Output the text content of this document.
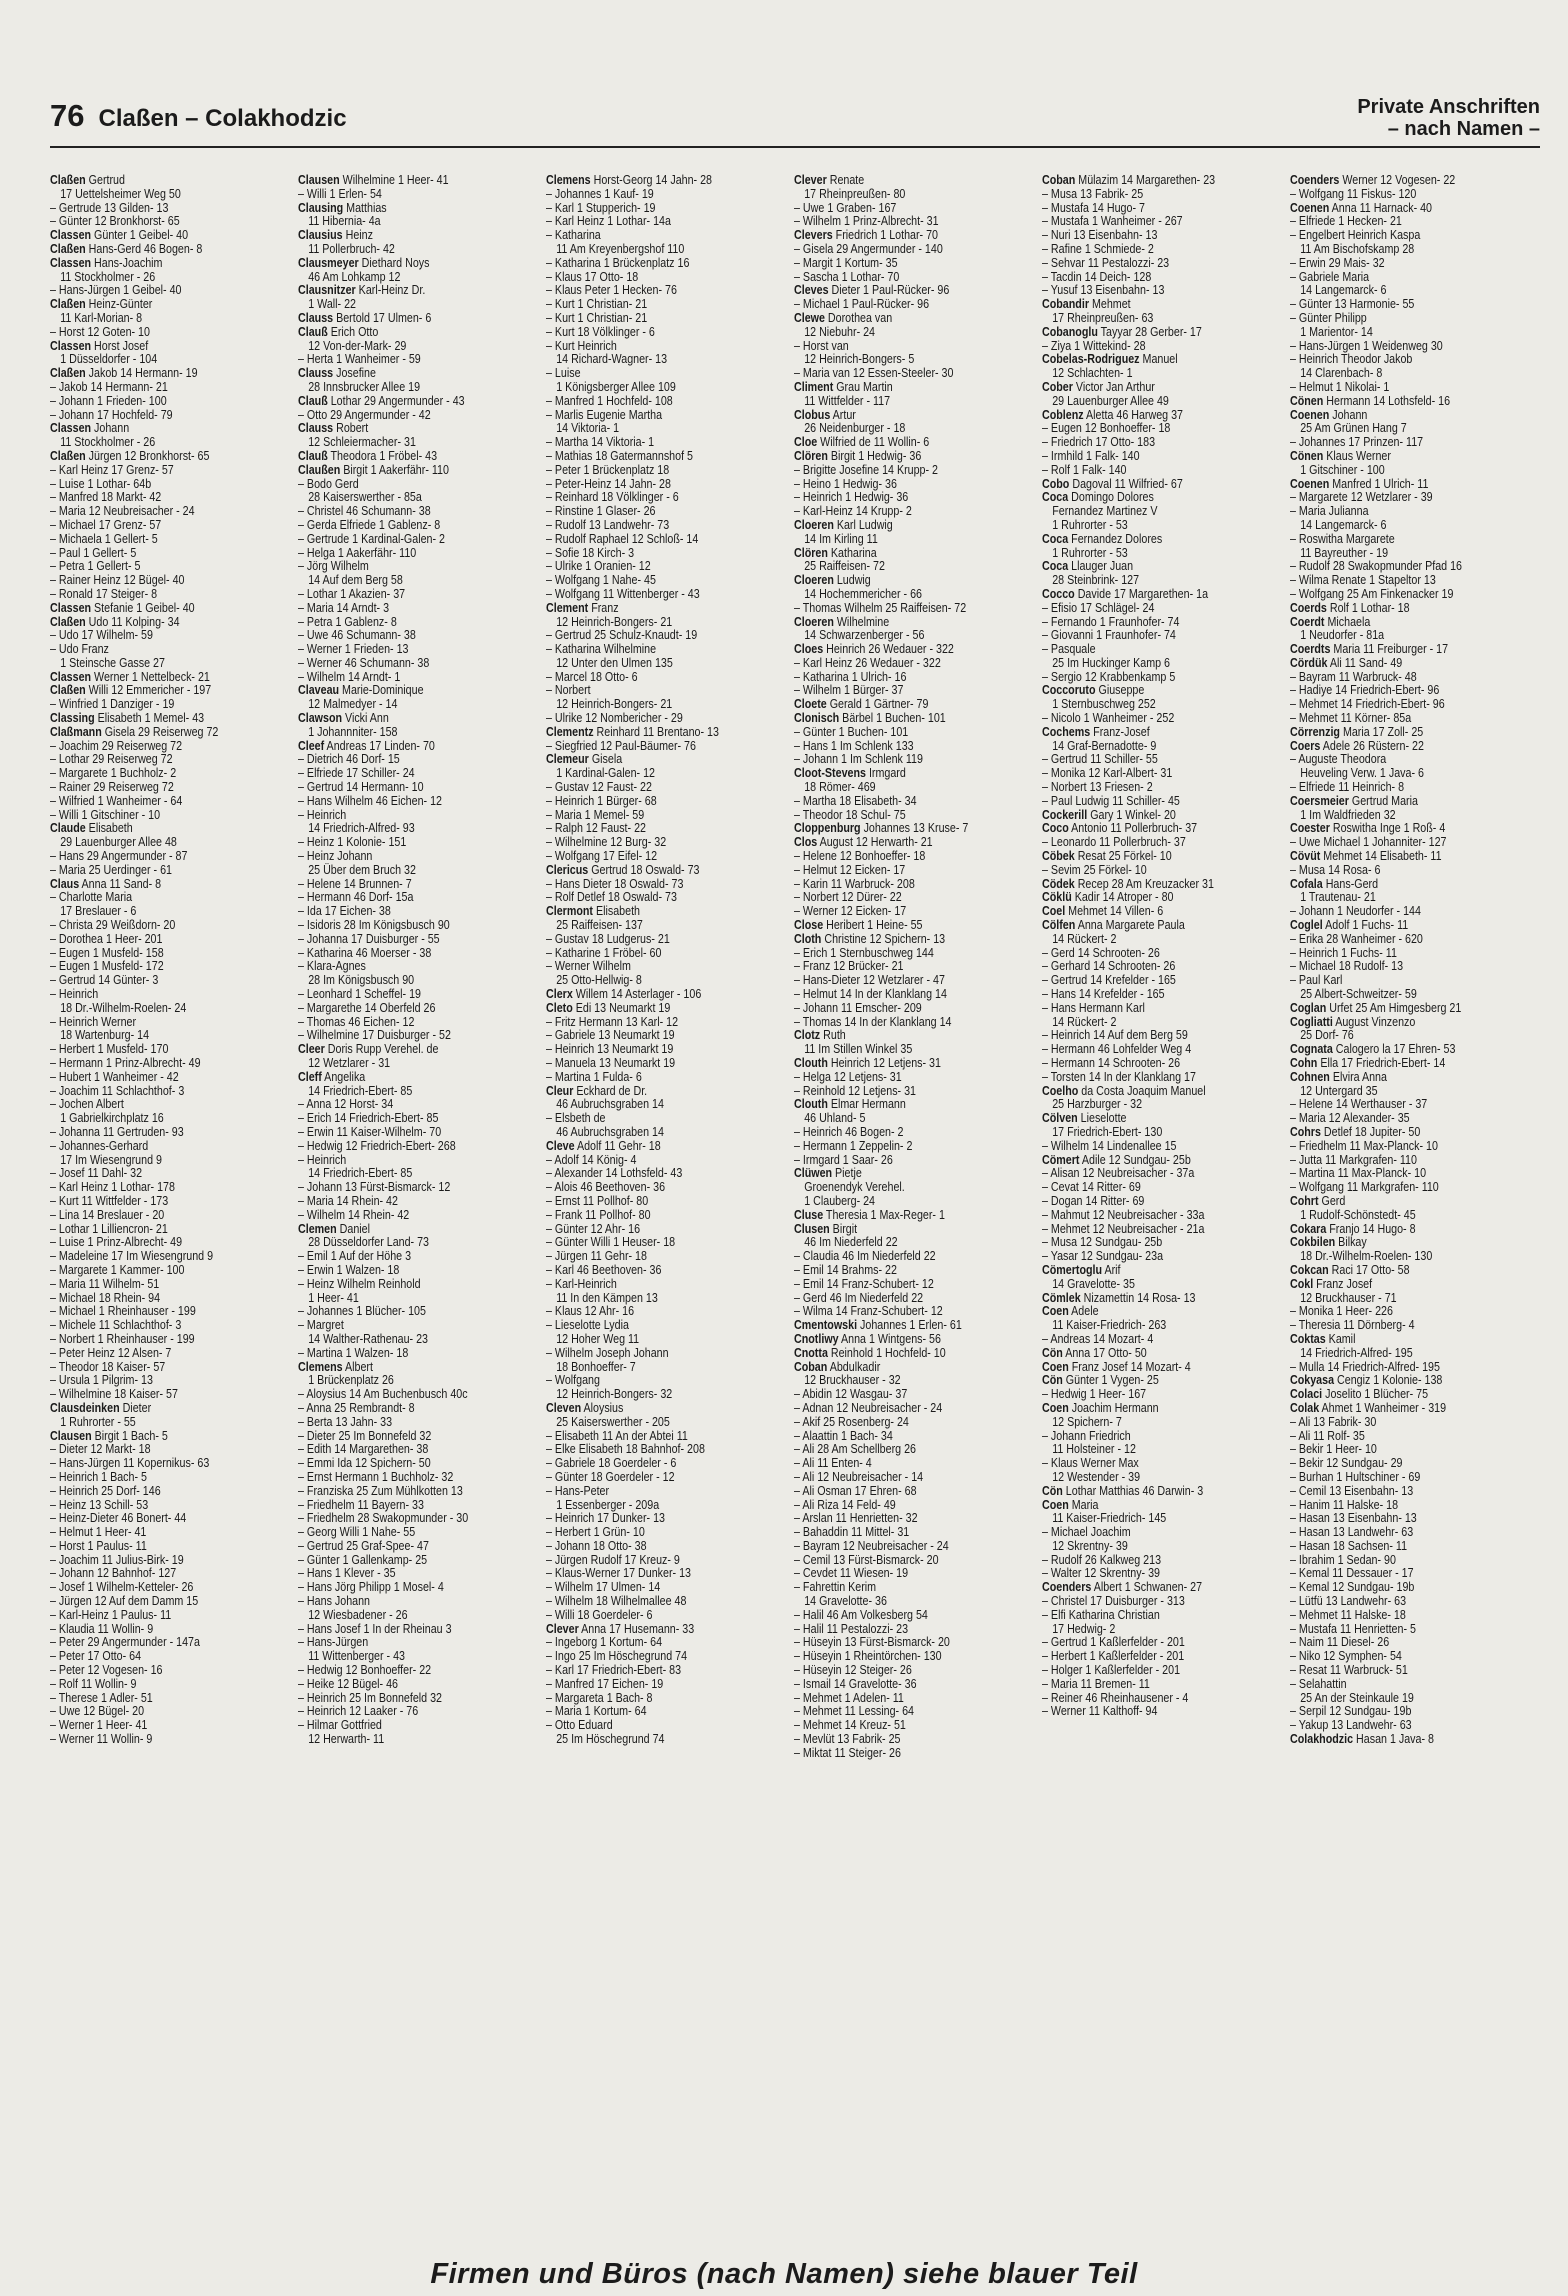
76 Claßen – Colakhodzic	Private Anschriften
– nach Namen –
Claßen Gertrud
17 Uettelsheimer Weg 50
– Gertrude 13 Gilden- 13
– Günter 12 Bronkhorst- 65
Classen Günter 1 Geibel- 40
Claßen Hans-Gerd 46 Bogen- 8
Classen Hans-Joachim
11 Stockholmer - 26
– Hans-Jürgen 1 Geibel- 40
Claßen Heinz-Günter
11 Karl-Morian- 8
– Horst 12 Goten- 10
Classen Horst Josef
1 Düsseldorfer - 104
Claßen Jakob 14 Hermann- 19
– Jakob 14 Hermann- 21
– Johann 1 Frieden- 100
– Johann 17 Hochfeld- 79
Classen Johann
11 Stockholmer - 26
Claßen Jürgen 12 Bronkhorst- 65
– Karl Heinz 17 Grenz- 57
– Luise 1 Lothar- 64b
– Manfred 18 Markt- 42
– Maria 12 Neubreisacher - 24
– Michael 17 Grenz- 57
– Michaela 1 Gellert- 5
– Paul 1 Gellert- 5
– Petra 1 Gellert- 5
– Rainer Heinz 12 Bügel- 40
– Ronald 17 Steiger- 8
Classen Stefanie 1 Geibel- 40
Claßen Udo 11 Kolping- 34
– Udo 17 Wilhelm- 59
– Udo Franz
1 Steinsche Gasse 27
Classen Werner 1 Nettelbeck- 21
Claßen Willi 12 Emmericher - 197
– Winfried 1 Danziger - 19
Classing Elisabeth 1 Memel- 43
Claßmann Gisela 29 Reiserweg 72
– Joachim 29 Reiserweg 72
– Lothar 29 Reiserweg 72
– Margarete 1 Buchholz- 2
– Rainer 29 Reiserweg 72
– Wilfried 1 Wanheimer - 64
– Willi 1 Gitschiner - 10
Claude Elisabeth
29 Lauenburger Allee 48
– Hans 29 Angermunder - 87
– Maria 25 Uerdinger - 61
Claus Anna 11 Sand- 8
– Charlotte Maria
17 Breslauer - 6
– Christa 29 Weißdorn- 20
– Dorothea 1 Heer- 201
– Eugen 1 Musfeld- 158
– Eugen 1 Musfeld- 172
– Gertrud 14 Günter- 3
– Heinrich
18 Dr.-Wilhelm-Roelen- 24
– Heinrich Werner
18 Wartenburg- 14
– Herbert 1 Musfeld- 170
– Hermann 1 Prinz-Albrecht- 49
– Hubert 1 Wanheimer - 42
– Joachim 11 Schlachthof- 3
– Jochen Albert
1 Gabrielkirchplatz 16
– Johanna 11 Gertruden- 93
– Johannes-Gerhard
17 Im Wiesengrund 9
– Josef 11 Dahl- 32
– Karl Heinz 1 Lothar- 178
– Kurt 11 Wittfelder - 173
– Lina 14 Breslauer - 20
– Lothar 1 Lilliencron- 21
– Luise 1 Prinz-Albrecht- 49
– Madeleine 17 Im Wiesengrund 9
– Margarete 1 Kammer- 100
– Maria 11 Wilhelm- 51
– Michael 18 Rhein- 94
– Michael 1 Rheinhauser - 199
– Michele 11 Schlachthof- 3
– Norbert 1 Rheinhauser - 199
– Peter Heinz 12 Alsen- 7
– Theodor 18 Kaiser- 57
– Ursula 1 Pilgrim- 13
– Wilhelmine 18 Kaiser- 57
Clausdeinken Dieter
1 Ruhrorter - 55
Clausen Birgit 1 Bach- 5
– Dieter 12 Markt- 18
– Hans-Jürgen 11 Kopernikus- 63
– Heinrich 1 Bach- 5
– Heinrich 25 Dorf- 146
– Heinz 13 Schill- 53
– Heinz-Dieter 46 Bonert- 44
– Helmut 1 Heer- 41
– Horst 1 Paulus- 11
– Joachim 11 Julius-Birk- 19
– Johann 12 Bahnhof- 127
– Josef 1 Wilhelm-Ketteler- 26
– Jürgen 12 Auf dem Damm 15
– Karl-Heinz 1 Paulus- 11
– Klaudia 11 Wollin- 9
– Peter 29 Angermunder - 147a
– Peter 17 Otto- 64
– Peter 12 Vogesen- 16
– Rolf 11 Wollin- 9
– Therese 1 Adler- 51
– Uwe 12 Bügel- 20
– Werner 1 Heer- 41
– Werner 11 Wollin- 9
Clausen Wilhelmine 1 Heer- 41
– Willi 1 Erlen- 54
Clausing Matthias
11 Hibernia- 4a
Clausius Heinz
11 Pollerbruch- 42
Clausmeyer Diethard Noys
46 Am Lohkamp 12
Clausnitzer Karl-Heinz Dr.
1 Wall- 22
Clauss Bertold 17 Ulmen- 6
Clauß Erich Otto
12 Von-der-Mark- 29
– Herta 1 Wanheimer - 59
Clauss Josefine
28 Innsbrucker Allee 19
Clauß Lothar 29 Angermunder - 43
– Otto 29 Angermunder - 42
Clauss Robert
12 Schleiermacher- 31
Clauß Theodora 1 Fröbel- 43
Claußen Birgit 1 Aakerfähr- 110
– Bodo Gerd
28 Kaiserswerther - 85a
– Christel 46 Schumann- 38
– Gerda Elfriede 1 Gablenz- 8
– Gertrude 1 Kardinal-Galen- 2
– Helga 1 Aakerfähr- 110
– Jörg Wilhelm
14 Auf dem Berg 58
– Lothar 1 Akazien- 37
– Maria 14 Arndt- 3
– Petra 1 Gablenz- 8
– Uwe 46 Schumann- 38
– Werner 1 Frieden- 13
– Werner 46 Schumann- 38
– Wilhelm 14 Arndt- 1
Claveau Marie-Dominique
12 Malmedyer - 14
Clawson Vicki Ann
1 Johannniter- 158
Cleef Andreas 17 Linden- 70
– Dietrich 46 Dorf- 15
– Elfriede 17 Schiller- 24
– Gertrud 14 Hermann- 10
– Hans Wilhelm 46 Eichen- 12
– Heinrich
14 Friedrich-Alfred- 93
– Heinz 1 Kolonie- 151
– Heinz Johann
25 Über dem Bruch 32
– Helene 14 Brunnen- 7
– Hermann 46 Dorf- 15a
– Ida 17 Eichen- 38
– Isidoris 28 Im Königsbusch 90
– Johanna 17 Duisburger - 55
– Katharina 46 Moerser - 38
– Klara-Agnes
28 Im Königsbusch 90
– Leonhard 1 Scheffel- 19
– Margarethe 14 Oberfeld 26
– Thomas 46 Eichen- 12
– Wilhelmine 17 Duisburger - 52
Cleer Doris Rupp Verehel. de
12 Wetzlarer - 31
Cleff Angelika
14 Friedrich-Ebert- 85
– Anna 12 Horst- 34
– Erich 14 Friedrich-Ebert- 85
– Erwin 11 Kaiser-Wilhelm- 70
– Hedwig 12 Friedrich-Ebert- 268
– Heinrich
14 Friedrich-Ebert- 85
– Johann 13 Fürst-Bismarck- 12
– Maria 14 Rhein- 42
– Wilhelm 14 Rhein- 42
Clemen Daniel
28 Düsseldorfer Land- 73
– Emil 1 Auf der Höhe 3
– Erwin 1 Walzen- 18
– Heinz Wilhelm Reinhold
1 Heer- 41
– Johannes 1 Blücher- 105
– Margret
14 Walther-Rathenau- 23
– Martina 1 Walzen- 18
Clemens Albert
1 Brückenplatz 26
– Aloysius 14 Am Buchenbusch 40c
– Anna 25 Rembrandt- 8
– Berta 13 Jahn- 33
– Dieter 25 Im Bonnefeld 32
– Edith 14 Margarethen- 38
– Emmi Ida 12 Spichern- 50
– Ernst Hermann 1 Buchholz- 32
– Franziska 25 Zum Mühlkotten 13
– Friedhelm 11 Bayern- 33
– Friedhelm 28 Swakopmunder - 30
– Georg Willi 1 Nahe- 55
– Gertrud 25 Graf-Spee- 47
– Günter 1 Gallenkamp- 25
– Hans 1 Klever - 35
– Hans Jörg Philipp 1 Mosel- 4
– Hans Johann
12 Wiesbadener - 26
– Hans Josef 1 In der Rheinau 3
– Hans-Jürgen
11 Wittenberger - 43
– Hedwig 12 Bonhoeffer- 22
– Heike 12 Bügel- 46
– Heinrich 25 Im Bonnefeld 32
– Heinrich 12 Laaker - 76
– Hilmar Gottfried
12 Herwarth- 11
Clemens Horst-Georg 14 Jahn- 28
– Johannes 1 Kauf- 19
– Karl 1 Stupperich- 19
– Karl Heinz 1 Lothar- 14a
– Katharina
11 Am Kreyenbergshof 110
– Katharina 1 Brückenplatz 16
– Klaus 17 Otto- 18
– Klaus Peter 1 Hecken- 76
– Kurt 1 Christian- 21
– Kurt 1 Christian- 21
– Kurt 18 Völklinger - 6
– Kurt Heinrich
14 Richard-Wagner- 13
– Luise
1 Königsberger Allee 109
– Manfred 1 Hochfeld- 108
– Marlis Eugenie Martha
14 Viktoria- 1
– Martha 14 Viktoria- 1
– Mathias 18 Gatermannshof 5
– Peter 1 Brückenplatz 18
– Peter-Heinz 14 Jahn- 28
– Reinhard 18 Völklinger - 6
– Rinstine 1 Glaser- 26
– Rudolf 13 Landwehr- 73
– Rudolf Raphael 12 Schloß- 14
– Sofie 18 Kirch- 3
– Ulrike 1 Oranien- 12
– Wolfgang 1 Nahe- 45
– Wolfgang 11 Wittenberger - 43
Clement Franz
12 Heinrich-Bongers- 21
– Gertrud 25 Schulz-Knaudt- 19
– Katharina Wilhelmine
12 Unter den Ulmen 135
– Marcel 18 Otto- 6
– Norbert
12 Heinrich-Bongers- 21
– Ulrike 12 Nombericher - 29
Clementz Reinhard 11 Brentano- 13
– Siegfried 12 Paul-Bäumer- 76
Clemeur Gisela
1 Kardinal-Galen- 12
– Gustav 12 Faust- 22
– Heinrich 1 Bürger- 68
– Maria 1 Memel- 59
– Ralph 12 Faust- 22
– Wilhelmine 12 Burg- 32
– Wolfgang 17 Eifel- 12
Clericus Gertrud 18 Oswald- 73
– Hans Dieter 18 Oswald- 73
– Rolf Detlef 18 Oswald- 73
Clermont Elisabeth
25 Raiffeisen- 137
– Gustav 18 Ludgerus- 21
– Katharine 1 Fröbel- 60
– Werner Wilhelm
25 Otto-Hellwig- 8
Clerx Willem 14 Asterlager - 106
Cleto Edi 13 Neumarkt 19
– Fritz Hermann 13 Karl- 12
– Gabriele 13 Neumarkt 19
– Heinrich 13 Neumarkt 19
– Manuela 13 Neumarkt 19
– Martina 1 Fulda- 6
Cleur Eckhard de Dr.
46 Aubruchsgraben 14
– Elsbeth de
46 Aubruchsgraben 14
Cleve Adolf 11 Gehr- 18
– Adolf 14 König- 4
– Alexander 14 Lothsfeld- 43
– Alois 46 Beethoven- 36
– Ernst 11 Pollhof- 80
– Frank 11 Pollhof- 80
– Günter 12 Ahr- 16
– Günter Willi 1 Heuser- 18
– Jürgen 11 Gehr- 18
– Karl 46 Beethoven- 36
– Karl-Heinrich
11 In den Kämpen 13
– Klaus 12 Ahr- 16
– Lieselotte Lydia
12 Hoher Weg 11
– Wilhelm Joseph Johann
18 Bonhoeffer- 7
– Wolfgang
12 Heinrich-Bongers- 32
Cleven Aloysius
25 Kaiserswerther - 205
– Elisabeth 11 An der Abtei 11
– Elke Elisabeth 18 Bahnhof- 208
– Gabriele 18 Goerdeler - 6
– Günter 18 Goerdeler - 12
– Hans-Peter
1 Essenberger - 209a
– Heinrich 17 Dunker- 13
– Herbert 1 Grün- 10
– Johann 18 Otto- 38
– Jürgen Rudolf 17 Kreuz- 9
– Klaus-Werner 17 Dunker- 13
– Wilhelm 17 Ulmen- 14
– Wilhelm 18 Wilhelmallee 48
– Willi 18 Goerdeler- 6
Clever Anna 17 Husemann- 33
– Ingeborg 1 Kortum- 64
– Ingo 25 Im Höschegrund 74
– Karl 17 Friedrich-Ebert- 83
– Manfred 17 Eichen- 19
– Margareta 1 Bach- 8
– Maria 1 Kortum- 64
– Otto Eduard
25 Im Höschegrund 74
Clever Renate
17 Rheinpreußen- 80
– Uwe 1 Graben- 167
– Wilhelm 1 Prinz-Albrecht- 31
Clevers Friedrich 1 Lothar- 70
– Gisela 29 Angermunder - 140
– Margit 1 Kortum- 35
– Sascha 1 Lothar- 70
Cleves Dieter 1 Paul-Rücker- 96
– Michael 1 Paul-Rücker- 96
Clewe Dorothea van
12 Niebuhr- 24
– Horst van
12 Heinrich-Bongers- 5
– Maria van 12 Essen-Steeler- 30
Climent Grau Martin
11 Wittfelder - 117
Clobus Artur
26 Neidenburger - 18
Cloe Wilfried de 11 Wollin- 6
Clören Birgit 1 Hedwig- 36
– Brigitte Josefine 14 Krupp- 2
– Heino 1 Hedwig- 36
– Heinrich 1 Hedwig- 36
– Karl-Heinz 14 Krupp- 2
Cloeren Karl Ludwig
14 Im Kirling 11
Clören Katharina
25 Raiffeisen- 72
Cloeren Ludwig
14 Hochemmericher - 66
– Thomas Wilhelm 25 Raiffeisen- 72
Cloeren Wilhelmine
14 Schwarzenberger - 56
Cloes Heinrich 26 Wedauer - 322
– Karl Heinz 26 Wedauer - 322
– Katharina 1 Ulrich- 16
– Wilhelm 1 Bürger- 37
Cloete Gerald 1 Gärtner- 79
Clonisch Bärbel 1 Buchen- 101
– Günter 1 Buchen- 101
– Hans 1 Im Schlenk 133
– Johann 1 Im Schlenk 119
Cloot-Stevens Irmgard
18 Römer- 469
– Martha 18 Elisabeth- 34
– Theodor 18 Schul- 75
Cloppenburg Johannes 13 Kruse- 7
Clos August 12 Herwarth- 21
– Helene 12 Bonhoeffer- 18
– Helmut 12 Eicken- 17
– Karin 11 Warbruck- 208
– Norbert 12 Dürer- 22
– Werner 12 Eicken- 17
Close Heribert 1 Heine- 55
Cloth Christine 12 Spichern- 13
– Erich 1 Sternbuschweg 144
– Franz 12 Brücker- 21
– Hans-Dieter 12 Wetzlarer - 47
– Helmut 14 In der Klanklang 14
– Johann 11 Emscher- 209
– Thomas 14 In der Klanklang 14
Clotz Ruth
11 Im Stillen Winkel 35
Clouth Heinrich 12 Letjens- 31
– Helga 12 Letjens- 31
– Reinhold 12 Letjens- 31
Clouth Elmar Hermann
46 Uhland- 5
– Heinrich 46 Bogen- 2
– Hermann 1 Zeppelin- 2
– Irmgard 1 Saar- 26
Clüwen Pietje
Groenendyk Verehel.
1 Clauberg- 24
Cluse Theresia 1 Max-Reger- 1
Clusen Birgit
46 Im Niederfeld 22
– Claudia 46 Im Niederfeld 22
– Emil 14 Brahms- 22
– Emil 14 Franz-Schubert- 12
– Gerd 46 Im Niederfeld 22
– Wilma 14 Franz-Schubert- 12
Cmentowski Johannes 1 Erlen- 61
Cnotliwy Anna 1 Wintgens- 56
Cnotta Reinhold 1 Hochfeld- 10
Coban Abdulkadir
12 Bruckhauser - 32
– Abidin 12 Wasgau- 37
– Adnan 12 Neubreisacher - 24
– Akif 25 Rosenberg- 24
– Alaattin 1 Bach- 34
– Ali 28 Am Schellberg 26
– Ali 11 Enten- 4
– Ali 12 Neubreisacher - 14
– Ali Osman 17 Ehren- 68
– Ali Riza 14 Feld- 49
– Arslan 11 Henrietten- 32
– Bahaddin 11 Mittel- 31
– Bayram 12 Neubreisacher - 24
– Cemil 13 Fürst-Bismarck- 20
– Cevdet 11 Wiesen- 19
– Fahrettin Kerim
14 Gravelotte- 36
– Halil 46 Am Volkesberg 54
– Halil 11 Pestalozzi- 23
– Hüseyin 13 Fürst-Bismarck- 20
– Hüseyin 1 Rheintörchen- 130
– Hüseyin 12 Steiger- 26
– Ismail 14 Gravelotte- 36
– Mehmet 1 Adelen- 11
– Mehmet 11 Lessing- 64
– Mehmet 14 Kreuz- 51
– Mevlüt 13 Fabrik- 25
– Miktat 11 Steiger- 26
Coban Mülazim 14 Margarethen- 23
– Musa 13 Fabrik- 25
– Mustafa 14 Hugo- 7
– Mustafa 1 Wanheimer - 267
– Nuri 13 Eisenbahn- 13
– Rafine 1 Schmiede- 2
– Sehvar 11 Pestalozzi- 23
– Tacdin 14 Deich- 128
– Yusuf 13 Eisenbahn- 13
Cobandir Mehmet
17 Rheinpreußen- 63
Cobanoglu Tayyar 28 Gerber- 17
– Ziya 1 Wittekind- 28
Cobelas-Rodriguez Manuel
12 Schlachten- 1
Cober Victor Jan Arthur
29 Lauenburger Allee 49
Coblenz Aletta 46 Harweg 37
– Eugen 12 Bonhoeffer- 18
– Friedrich 17 Otto- 183
– Irmhild 1 Falk- 140
– Rolf 1 Falk- 140
Cobo Dagoval 11 Wilfried- 67
Coca Domingo Dolores
Fernandez Martinez V
1 Ruhrorter - 53
Coca Fernandez Dolores
1 Ruhrorter - 53
Coca Llauger Juan
28 Steinbrink- 127
Cocco Davide 17 Margarethen- 1a
– Efisio 17 Schlägel- 24
– Fernando 1 Fraunhofer- 74
– Giovanni 1 Fraunhofer- 74
– Pasquale
25 Im Huckinger Kamp 6
– Sergio 12 Krabbenkamp 5
Coccoruto Giuseppe
1 Sternbuschweg 252
– Nicolo 1 Wanheimer - 252
Cochems Franz-Josef
14 Graf-Bernadotte- 9
– Gertrud 11 Schiller- 55
– Monika 12 Karl-Albert- 31
– Norbert 13 Friesen- 2
– Paul Ludwig 11 Schiller- 45
Cockerill Gary 1 Winkel- 20
Coco Antonio 11 Pollerbruch- 37
– Leonardo 11 Pollerbruch- 37
Cöbek Resat 25 Förkel- 10
– Sevim 25 Förkel- 10
Cödek Recep 28 Am Kreuzacker 31
Cöklü Kadir 14 Atroper - 80
Coel Mehmet 14 Villen- 6
Cölfen Anna Margarete Paula
14 Rückert- 2
– Gerd 14 Schrooten- 26
– Gerhard 14 Schrooten- 26
– Gertrud 14 Krefelder - 165
– Hans 14 Krefelder - 165
– Hans Hermann Karl
14 Rückert- 2
– Heinrich 14 Auf dem Berg 59
– Hermann 46 Lohfelder Weg 4
– Hermann 14 Schrooten- 26
– Torsten 14 In der Klanklang 17
Coelho da Costa Joaquim Manuel
25 Harzburger - 32
Cölven Lieselotte
17 Friedrich-Ebert- 130
– Wilhelm 14 Lindenallee 15
Cömert Adile 12 Sundgau- 25b
– Alisan 12 Neubreisacher - 37a
– Cevat 14 Ritter- 69
– Dogan 14 Ritter- 69
– Mahmut 12 Neubreisacher - 33a
– Mehmet 12 Neubreisacher - 21a
– Musa 12 Sundgau- 25b
– Yasar 12 Sundgau- 23a
Cömertoglu Arif
14 Gravelotte- 35
Cömlek Nizamettin 14 Rosa- 13
Coen Adele
11 Kaiser-Friedrich- 263
– Andreas 14 Mozart- 4
Cön Anna 17 Otto- 50
Coen Franz Josef 14 Mozart- 4
Cön Günter 1 Vygen- 25
– Hedwig 1 Heer- 167
Coen Joachim Hermann
12 Spichern- 7
– Johann Friedrich
11 Holsteiner - 12
– Klaus Werner Max
12 Westender - 39
Cön Lothar Matthias 46 Darwin- 3
Coen Maria
11 Kaiser-Friedrich- 145
– Michael Joachim
12 Skrentny- 39
– Rudolf 26 Kalkweg 213
– Walter 12 Skrentny- 39
Coenders Albert 1 Schwanen- 27
– Christel 17 Duisburger - 313
– Elfi Katharina Christian
17 Hedwig- 2
– Gertrud 1 Kaßlerfelder - 201
– Herbert 1 Kaßlerfelder - 201
– Holger 1 Kaßlerfelder - 201
– Maria 11 Bremen- 11
– Reiner 46 Rheinhausener - 4
– Werner 11 Kalthoff- 94
Coenders Werner 12 Vogesen- 22
– Wolfgang 11 Fiskus- 120
Coenen Anna 11 Harnack- 40
– Elfriede 1 Hecken- 21
– Engelbert Heinrich Kaspa
11 Am Bischofskamp 28
– Erwin 29 Mais- 32
– Gabriele Maria
14 Langemarck- 6
– Günter 13 Harmonie- 55
– Günter Philipp
1 Marientor- 14
– Hans-Jürgen 1 Weidenweg 30
– Heinrich Theodor Jakob
14 Clarenbach- 8
– Helmut 1 Nikolai- 1
Cönen Hermann 14 Lothsfeld- 16
Coenen Johann
25 Am Grünen Hang 7
– Johannes 17 Prinzen- 117
Cönen Klaus Werner
1 Gitschiner - 100
Coenen Manfred 1 Ulrich- 11
– Margarete 12 Wetzlarer - 39
– Maria Julianna
14 Langemarck- 6
– Roswitha Margarete
11 Bayreuther - 19
– Rudolf 28 Swakopmunder Pfad 16
– Wilma Renate 1 Stapeltor 13
– Wolfgang 25 Am Finkenacker 19
Coerds Rolf 1 Lothar- 18
Coerdt Michaela
1 Neudorfer - 81a
Coerdts Maria 11 Freiburger - 17
Cördük Ali 11 Sand- 49
– Bayram 11 Warbruck- 48
– Hadiye 14 Friedrich-Ebert- 96
– Mehmet 14 Friedrich-Ebert- 96
– Mehmet 11 Körner- 85a
Cörrenzig Maria 17 Zoll- 25
Coers Adele 26 Rüstern- 22
– Auguste Theodora
Heuveling Verw. 1 Java- 6
– Elfriede 11 Heinrich- 8
Coersmeier Gertrud Maria
1 Im Waldfrieden 32
Coester Roswitha Inge 1 Roß- 4
– Uwe Michael 1 Johanniter- 127
Cövüt Mehmet 14 Elisabeth- 11
– Musa 14 Rosa- 6
Cofala Hans-Gerd
1 Trautenau- 21
– Johann 1 Neudorfer - 144
Coglel Adolf 1 Fuchs- 11
– Erika 28 Wanheimer - 620
– Heinrich 1 Fuchs- 11
– Michael 18 Rudolf- 13
– Paul Karl
25 Albert-Schweitzer- 59
Coglan Urfet 25 Am Himgesberg 21
Cogliatti August Vinzenzo
25 Dorf- 76
Cognata Calogero la 17 Ehren- 53
Cohn Ella 17 Friedrich-Ebert- 14
Cohnen Elvira Anna
12 Untergard 35
– Helene 14 Werthauser - 37
– Maria 12 Alexander- 35
Cohrs Detlef 18 Jupiter- 50
– Friedhelm 11 Max-Planck- 10
– Jutta 11 Markgrafen- 110
– Martina 11 Max-Planck- 10
– Wolfgang 11 Markgrafen- 110
Cohrt Gerd
1 Rudolf-Schönstedt- 45
Cokara Franjo 14 Hugo- 8
Cokbilen Bilkay
18 Dr.-Wilhelm-Roelen- 130
Cokcan Raci 17 Otto- 58
Cokl Franz Josef
12 Bruckhauser - 71
– Monika 1 Heer- 226
– Theresia 11 Dörnberg- 4
Coktas Kamil
14 Friedrich-Alfred- 195
– Mulla 14 Friedrich-Alfred- 195
Cokyasa Cengiz 1 Kolonie- 138
Colaci Joselito 1 Blücher- 75
Colak Ahmet 1 Wanheimer - 319
– Ali 13 Fabrik- 30
– Ali 11 Rolf- 35
– Bekir 1 Heer- 10
– Bekir 12 Sundgau- 29
– Burhan 1 Hultschiner - 69
– Cemil 13 Eisenbahn- 13
– Hanim 11 Halske- 18
– Hasan 13 Eisenbahn- 13
– Hasan 13 Landwehr- 63
– Hasan 18 Sachsen- 11
– Ibrahim 1 Sedan- 90
– Kemal 11 Dessauer - 17
– Kemal 12 Sundgau- 19b
– Lütfü 13 Landwehr- 63
– Mehmet 11 Halske- 18
– Mustafa 11 Henrietten- 5
– Naim 11 Diesel- 26
– Niko 12 Symphen- 54
– Resat 11 Warbruck- 51
– Selahattin
25 An der Steinkaule 19
– Serpil 12 Sundgau- 19b
– Yakup 13 Landwehr- 63
Colakhodzic Hasan 1 Java- 8
Firmen und Büros (nach Namen) siehe blauer Teil
